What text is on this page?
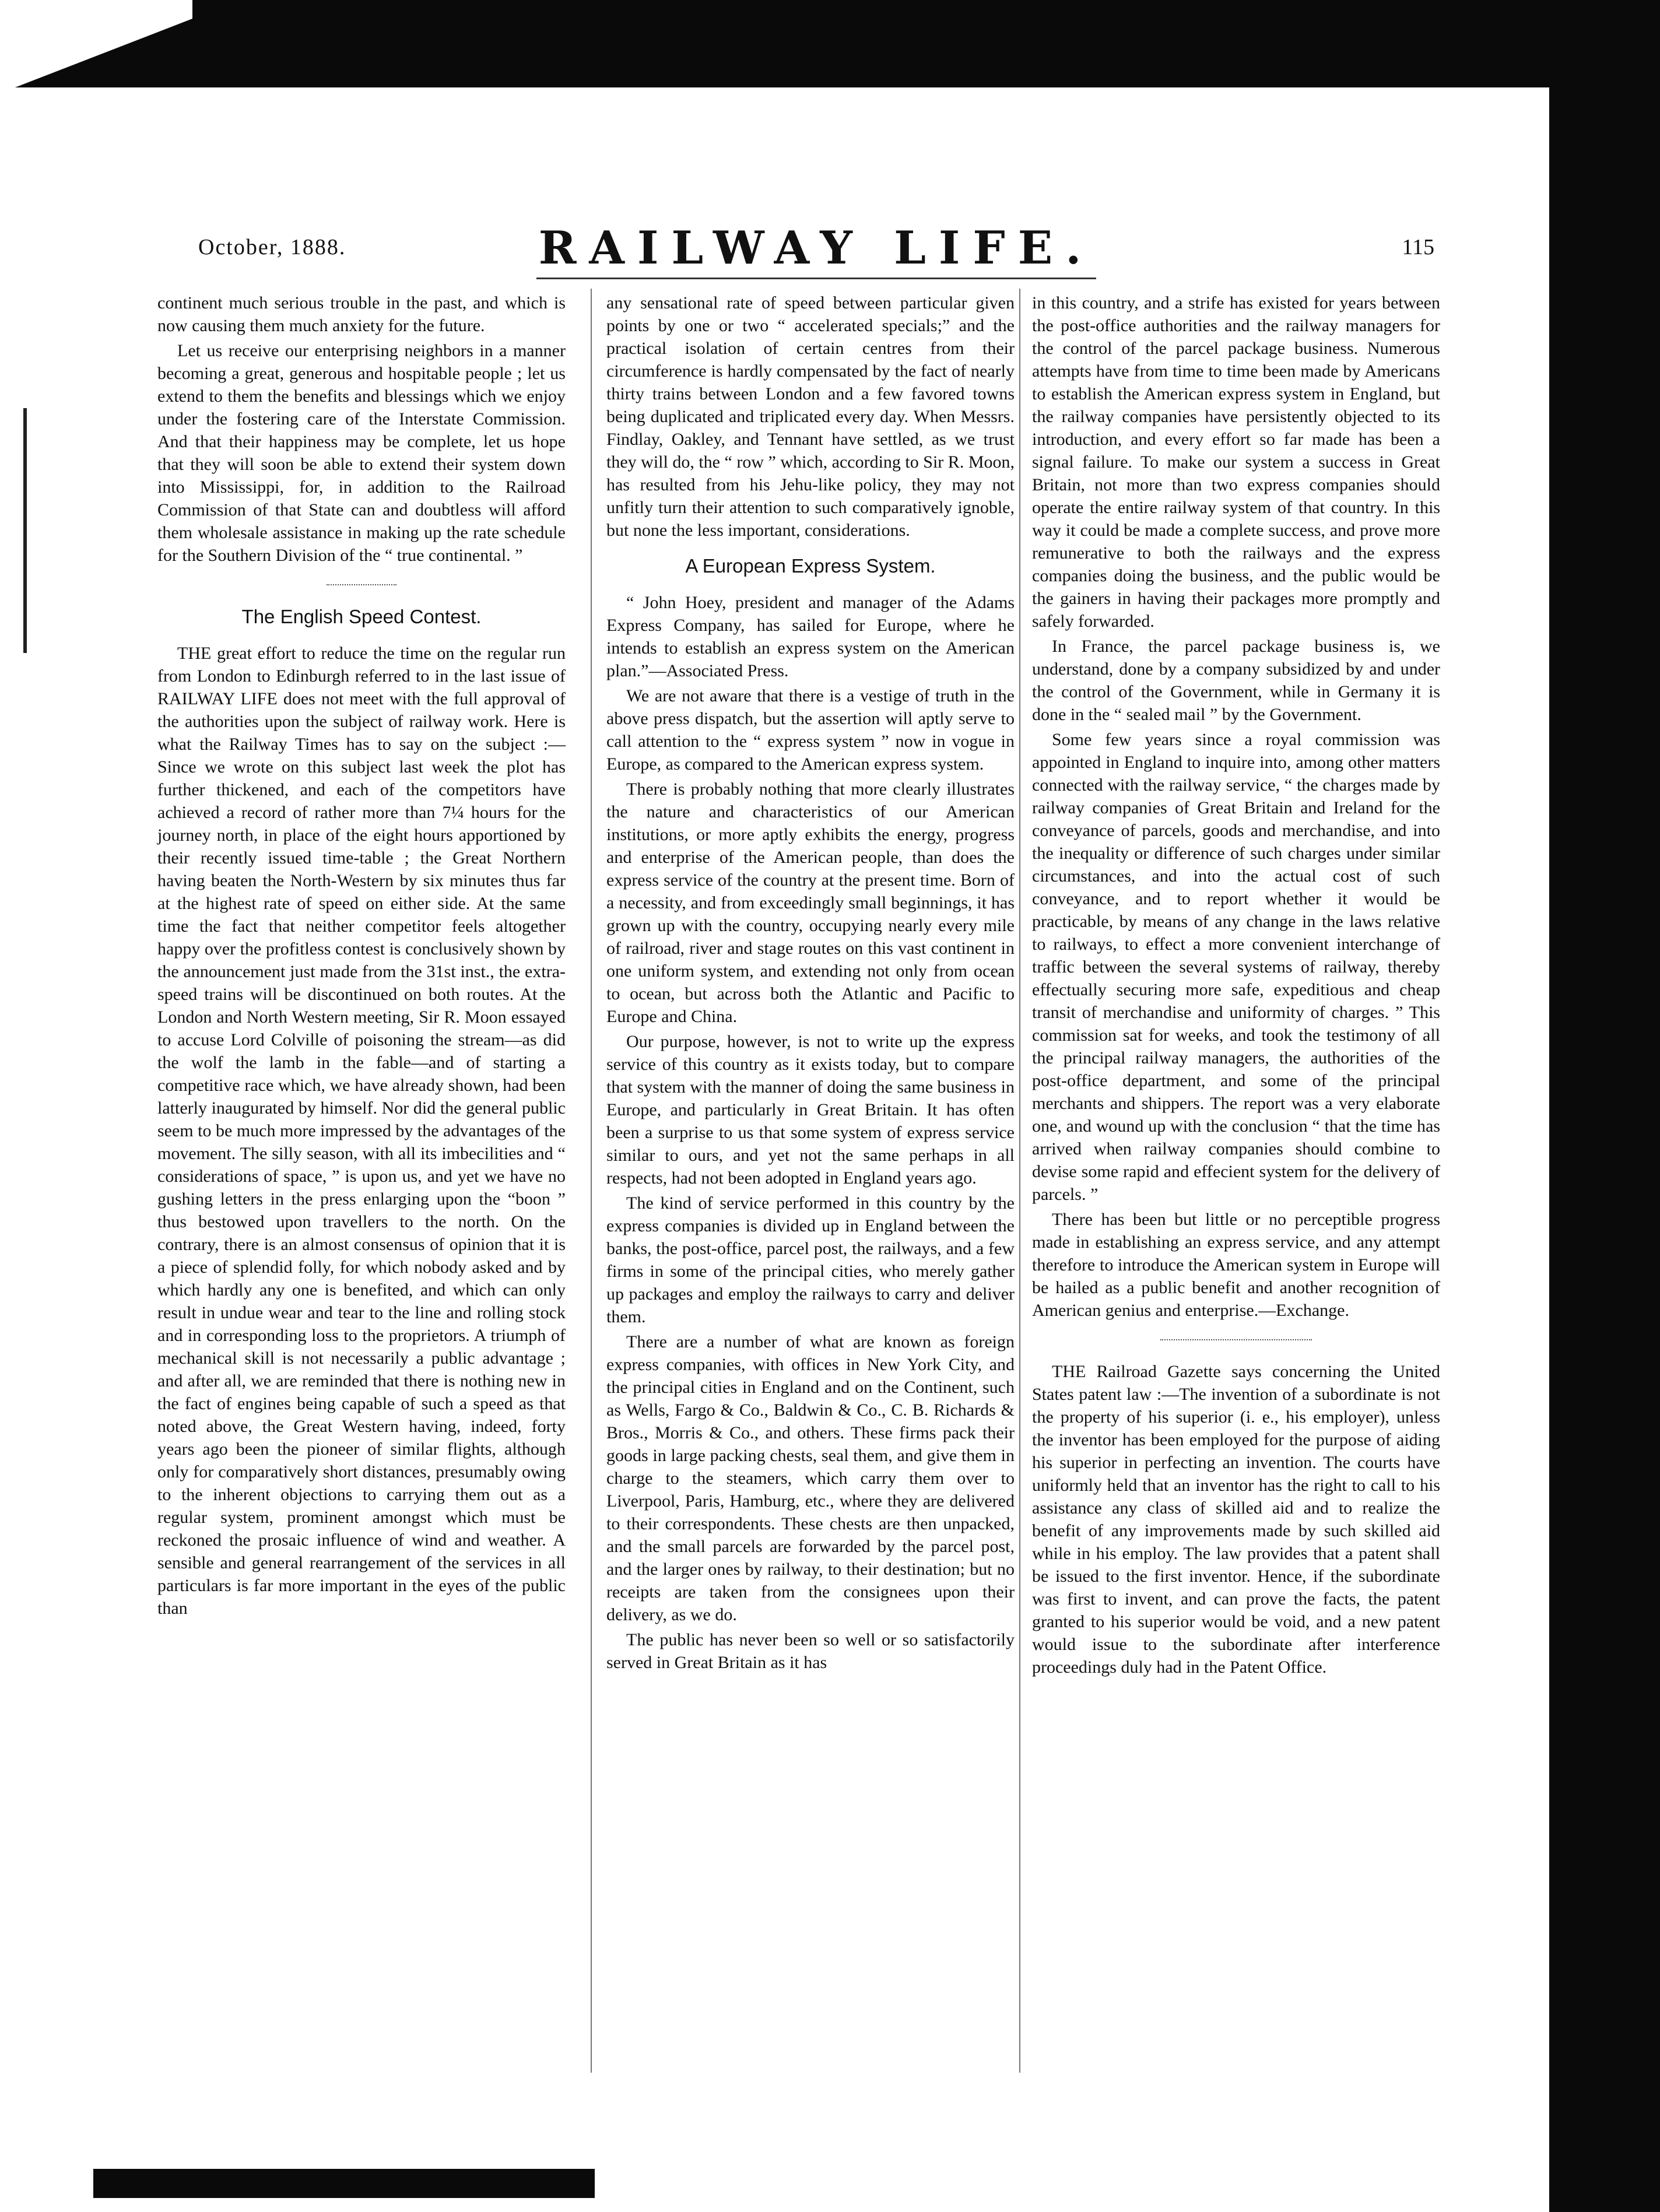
October, 1888.	RAILWAY LIFE.	115

continent much serious trouble in the past, and which is now causing them much anxiety for the future.

Let us receive our enterprising neighbors in a manner becoming a great, generous and hospitable people ; let us extend to them the benefits and blessings which we enjoy under the fostering care of the Interstate Commission. And that their happiness may be complete, let us hope that they will soon be able to extend their system down into Mississippi, for, in addition to the Railroad Commission of that State can and doubtless will afford them wholesale assistance in making up the rate schedule for the Southern Division of the “ true continental. ”

The English Speed Contest.

THE great effort to reduce the time on the regular run from London to Edinburgh referred to in the last issue of RAILWAY LIFE does not meet with the full approval of the authorities upon the subject of railway work. Here is what the Railway Times has to say on the subject :—Since we wrote on this subject last week the plot has further thickened, and each of the competitors have achieved a record of rather more than 7¼ hours for the journey north, in place of the eight hours apportioned by their recently issued time-table ; the Great Northern having beaten the North-Western by six minutes thus far at the highest rate of speed on either side. At the same time the fact that neither competitor feels altogether happy over the profitless contest is conclusively shown by the announcement just made from the 31st inst., the extra-speed trains will be discontinued on both routes. At the London and North Western meeting, Sir R. Moon essayed to accuse Lord Colville of poisoning the stream—as did the wolf the lamb in the fable—and of starting a competitive race which, we have already shown, had been latterly inaugurated by himself. Nor did the general public seem to be much more impressed by the advantages of the movement. The silly season, with all its imbecilities and “ considerations of space, ” is upon us, and yet we have no gushing letters in the press enlarging upon the “boon ” thus bestowed upon travellers to the north. On the contrary, there is an almost consensus of opinion that it is a piece of splendid folly, for which nobody asked and by which hardly any one is benefited, and which can only result in undue wear and tear to the line and rolling stock and in corresponding loss to the proprietors. A triumph of mechanical skill is not necessarily a public advantage ; and after all, we are reminded that there is nothing new in the fact of engines being capable of such a speed as that noted above, the Great Western having, indeed, forty years ago been the pioneer of similar flights, although only for comparatively short distances, presumably owing to the inherent objections to carrying them out as a regular system, prominent amongst which must be reckoned the prosaic influence of wind and weather. A sensible and general rearrangement of the services in all particulars is far more important in the eyes of the public than

any sensational rate of speed between particular given points by one or two “ accelerated specials;” and the practical isolation of certain centres from their circumference is hardly compensated by the fact of nearly thirty trains between London and a few favored towns being duplicated and triplicated every day. When Messrs. Findlay, Oakley, and Tennant have settled, as we trust they will do, the “ row ” which, according to Sir R. Moon, has resulted from his Jehu-like policy, they may not unfitly turn their attention to such comparatively ignoble, but none the less important, considerations.

A European Express System.

“ John Hoey, president and manager of the Adams Express Company, has sailed for Europe, where he intends to establish an express system on the American plan.”—Associated Press.

We are not aware that there is a vestige of truth in the above press dispatch, but the assertion will aptly serve to call attention to the “ express system ” now in vogue in Europe, as compared to the American express system.

There is probably nothing that more clearly illustrates the nature and characteristics of our American institutions, or more aptly exhibits the energy, progress and enterprise of the American people, than does the express service of the country at the present time. Born of a necessity, and from exceedingly small beginnings, it has grown up with the country, occupying nearly every mile of railroad, river and stage routes on this vast continent in one uniform system, and extending not only from ocean to ocean, but across both the Atlantic and Pacific to Europe and China.

Our purpose, however, is not to write up the express service of this country as it exists today, but to compare that system with the manner of doing the same business in Europe, and particularly in Great Britain. It has often been a surprise to us that some system of express service similar to ours, and yet not the same perhaps in all respects, had not been adopted in England years ago.

The kind of service performed in this country by the express companies is divided up in England between the banks, the post-office, parcel post, the railways, and a few firms in some of the principal cities, who merely gather up packages and employ the railways to carry and deliver them.

There are a number of what are known as foreign express companies, with offices in New York City, and the principal cities in England and on the Continent, such as Wells, Fargo & Co., Baldwin & Co., C. B. Richards & Bros., Morris & Co., and others. These firms pack their goods in large packing chests, seal them, and give them in charge to the steamers, which carry them over to Liverpool, Paris, Hamburg, etc., where they are delivered to their correspondents. These chests are then unpacked, and the small parcels are forwarded by the parcel post, and the larger ones by railway, to their destination; but no receipts are taken from the consignees upon their delivery, as we do.

The public has never been so well or so satisfactorily served in Great Britain as it has

in this country, and a strife has existed for years between the post-office authorities and the railway managers for the control of the parcel package business. Numerous attempts have from time to time been made by Americans to establish the American express system in England, but the railway companies have persistently objected to its introduction, and every effort so far made has been a signal failure. To make our system a success in Great Britain, not more than two express companies should operate the entire railway system of that country. In this way it could be made a complete success, and prove more remunerative to both the railways and the express companies doing the business, and the public would be the gainers in having their packages more promptly and safely forwarded.

In France, the parcel package business is, we understand, done by a company subsidized by and under the control of the Government, while in Germany it is done in the “ sealed mail ” by the Government.

Some few years since a royal commission was appointed in England to inquire into, among other matters connected with the railway service, “ the charges made by railway companies of Great Britain and Ireland for the conveyance of parcels, goods and merchandise, and into the inequality or difference of such charges under similar circumstances, and into the actual cost of such conveyance, and to report whether it would be practicable, by means of any change in the laws relative to railways, to effect a more convenient interchange of traffic between the several systems of railway, thereby effectually securing more safe, expeditious and cheap transit of merchandise and uniformity of charges. ” This commission sat for weeks, and took the testimony of all the principal railway managers, the authorities of the post-office department, and some of the principal merchants and shippers. The report was a very elaborate one, and wound up with the conclusion “ that the time has arrived when railway companies should combine to devise some rapid and effecient system for the delivery of parcels. ”

There has been but little or no perceptible progress made in establishing an express service, and any attempt therefore to introduce the American system in Europe will be hailed as a public benefit and another recognition of American genius and enterprise.—Exchange.

THE Railroad Gazette says concerning the United States patent law :—The invention of a subordinate is not the property of his superior (i. e., his employer), unless the inventor has been employed for the purpose of aiding his superior in perfecting an invention. The courts have uniformly held that an inventor has the right to call to his assistance any class of skilled aid and to realize the benefit of any improvements made by such skilled aid while in his employ. The law provides that a patent shall be issued to the first inventor. Hence, if the subordinate was first to invent, and can prove the facts, the patent granted to his superior would be void, and a new patent would issue to the subordinate after interference proceedings duly had in the Patent Office.
